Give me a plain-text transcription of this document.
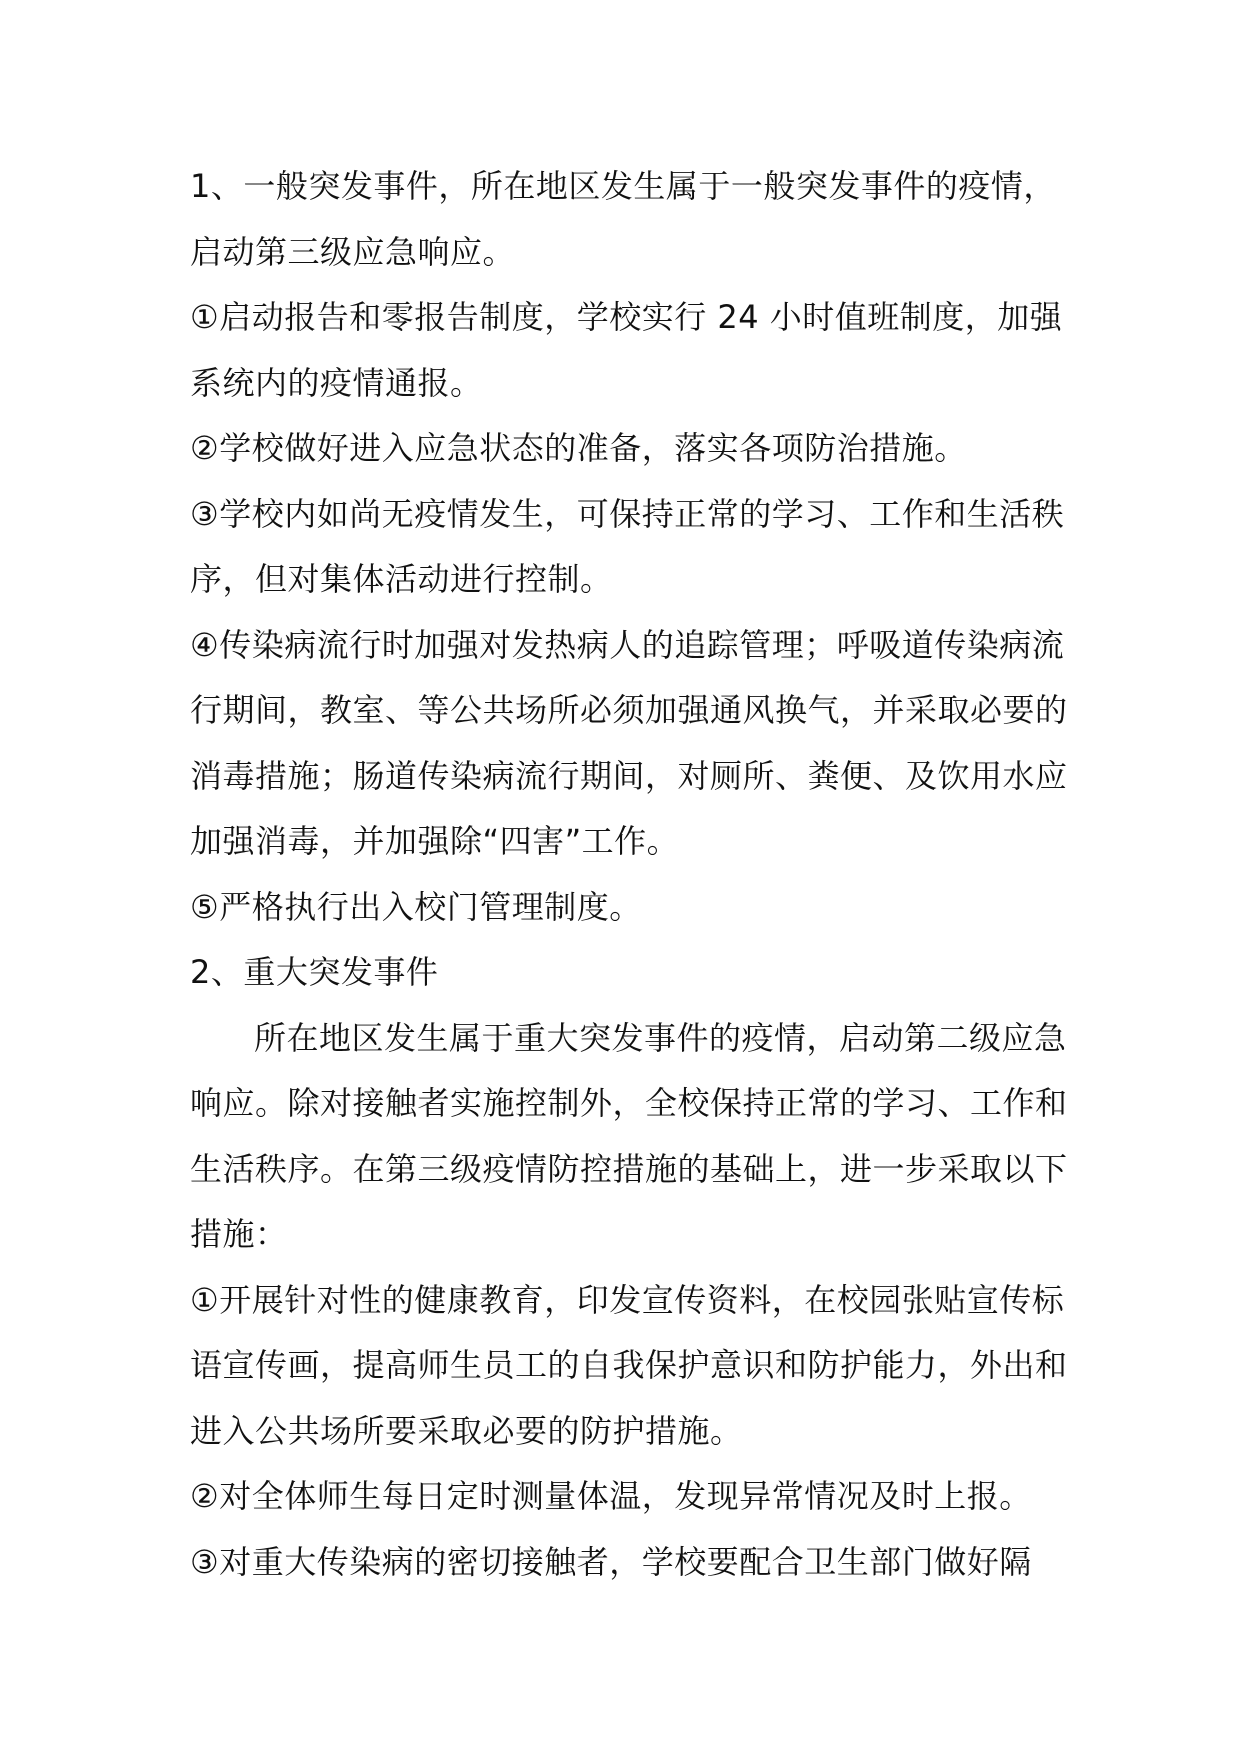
1、一般突发事件，所在地区发生属于一般突发事件的疫情，启动第三级应急响应。

①启动报告和零报告制度，学校实行 24 小时值班制度，加强系统内的疫情通报。

②学校做好进入应急状态的准备，落实各项防治措施。

③学校内如尚无疫情发生，可保持正常的学习、工作和生活秩序，但对集体活动进行控制。

④传染病流行时加强对发热病人的追踪管理；呼吸道传染病流行期间，教室、等公共场所必须加强通风换气，并采取必要的消毒措施；肠道传染病流行期间，对厕所、粪便、及饮用水应加强消毒，并加强除“四害”工作。

⑤严格执行出入校门管理制度。

2、重大突发事件

所在地区发生属于重大突发事件的疫情，启动第二级应急响应。除对接触者实施控制外，全校保持正常的学习、工作和生活秩序。在第三级疫情防控措施的基础上，进一步采取以下措施：

①开展针对性的健康教育，印发宣传资料，在校园张贴宣传标语宣传画，提高师生员工的自我保护意识和防护能力，外出和进入公共场所要采取必要的防护措施。

②对全体师生每日定时测量体温，发现异常情况及时上报。

③对重大传染病的密切接触者，学校要配合卫生部门做好隔
